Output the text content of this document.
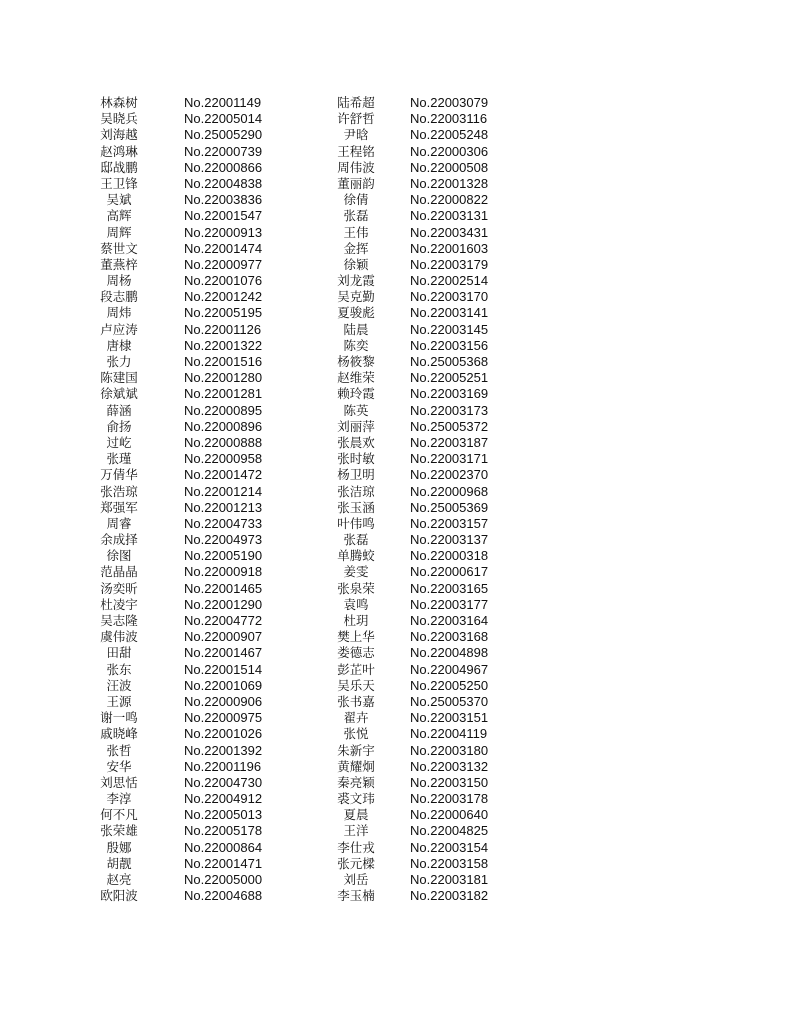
林森树	No.22001149	陆希超	No.22003079
吴晓兵	No.22005014	许舒哲	No.22003116
刘海越	No.25005290	尹晗	No.22005248
赵鸿琳	No.22000739	王程铭	No.22000306
邸战鹏	No.22000866	周伟波	No.22000508
王卫锋	No.22004838	董丽韵	No.22001328
吴斌	No.22003836	徐倩	No.22000822
高辉	No.22001547	张磊	No.22003131
周辉	No.22000913	王伟	No.22003431
蔡世文	No.22001474	金挥	No.22001603
董燕梓	No.22000977	徐颖	No.22003179
周杨	No.22001076	刘龙霞	No.22002514
段志鹏	No.22001242	吴克勤	No.22003170
周炜	No.22005195	夏骏彪	No.22003141
卢应涛	No.22001126	陆晨	No.22003145
唐棣	No.22001322	陈奕	No.22003156
张力	No.22001516	杨筱黎	No.25005368
陈建国	No.22001280	赵维荣	No.22005251
徐斌斌	No.22001281	赖玲霞	No.22003169
薛涵	No.22000895	陈英	No.22003173
俞扬	No.22000896	刘丽萍	No.25005372
过屹	No.22000888	张晨欢	No.22003187
张瑾	No.22000958	张时敏	No.22003171
万倩华	No.22001472	杨卫明	No.22002370
张浩琼	No.22001214	张洁琼	No.22000968
郑强军	No.22001213	张玉涵	No.25005369
周睿	No.22004733	叶伟鸣	No.22003157
余成择	No.22004973	张磊	No.22003137
徐图	No.22005190	单腾蛟	No.22000318
范晶晶	No.22000918	姜雯	No.22000617
汤奕昕	No.22001465	张泉荣	No.22003165
杜凌宇	No.22001290	袁鸣	No.22003177
吴志隆	No.22004772	杜玥	No.22003164
虞伟波	No.22000907	樊上华	No.22003168
田甜	No.22001467	娄德志	No.22004898
张东	No.22001514	彭芷叶	No.22004967
汪波	No.22001069	吴乐天	No.22005250
王源	No.22000906	张书嘉	No.25005370
谢一鸣	No.22000975	翟卉	No.22003151
戚晓峰	No.22001026	张悦	No.22004119
张哲	No.22001392	朱新宇	No.22003180
安华	No.22001196	黄耀炯	No.22003132
刘思恬	No.22004730	秦亮颖	No.22003150
李淳	No.22004912	裘文玮	No.22003178
何不凡	No.22005013	夏晨	No.22000640
张荣雄	No.22005178	王洋	No.22004825
殷娜	No.22000864	李仕戎	No.22003154
胡靓	No.22001471	张元樑	No.22003158
赵亮	No.22005000	刘岳	No.22003181
欧阳波	No.22004688	李玉楠	No.22003182
